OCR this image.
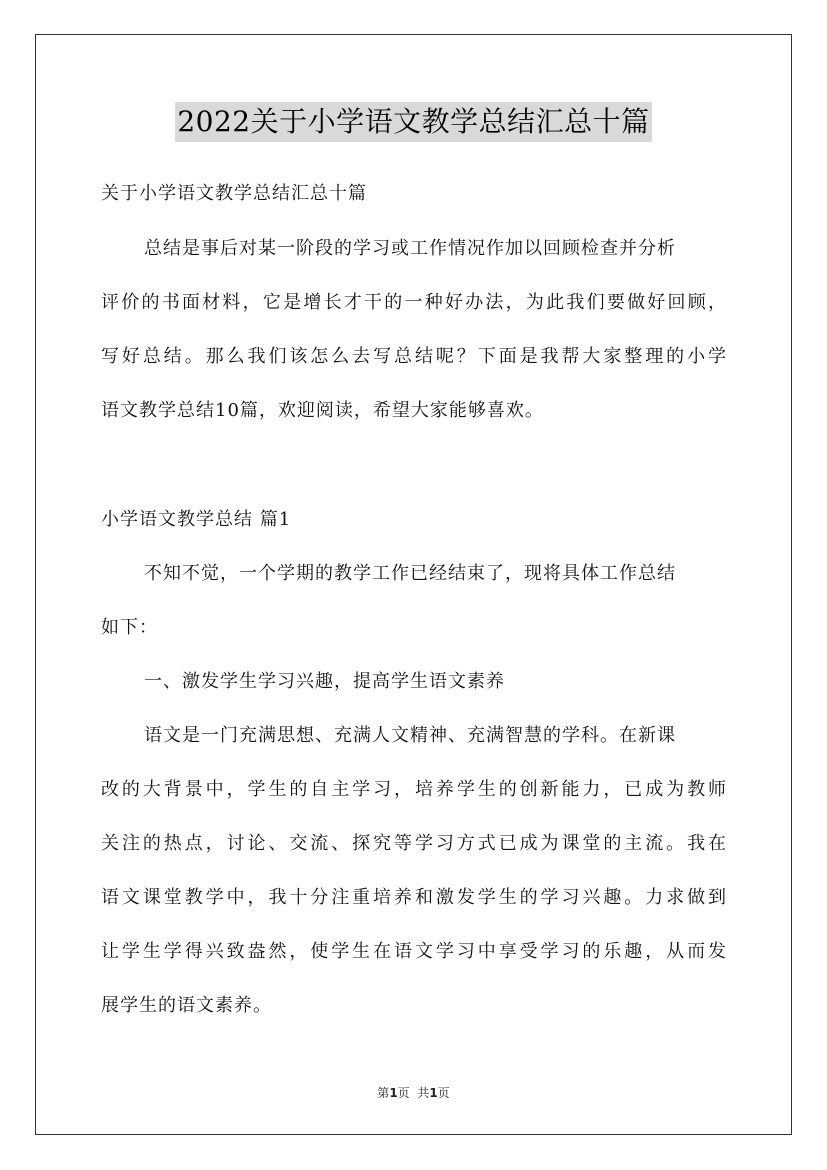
2022关于小学语文教学总结汇总十篇
关于小学语文教学总结汇总十篇
总结是事后对某一阶段的学习或工作情况作加以回顾检查并分析
评价的书面材料，它是增长才干的一种好办法，为此我们要做好回顾，
写好总结。那么我们该怎么去写总结呢？下面是我帮大家整理的小学
语文教学总结10篇，欢迎阅读，希望大家能够喜欢。
小学语文教学总结 篇1
不知不觉，一个学期的教学工作已经结束了，现将具体工作总结
如下：
一、激发学生学习兴趣，提高学生语文素养
语文是一门充满思想、充满人文精神、充满智慧的学科。在新课
改的大背景中，学生的自主学习，培养学生的创新能力，已成为教师
关注的热点，讨论、交流、探究等学习方式已成为课堂的主流。我在
语文课堂教学中，我十分注重培养和激发学生的学习兴趣。力求做到
让学生学得兴致盎然，使学生在语文学习中享受学习的乐趣，从而发
展学生的语文素养。
第1页  共1页
